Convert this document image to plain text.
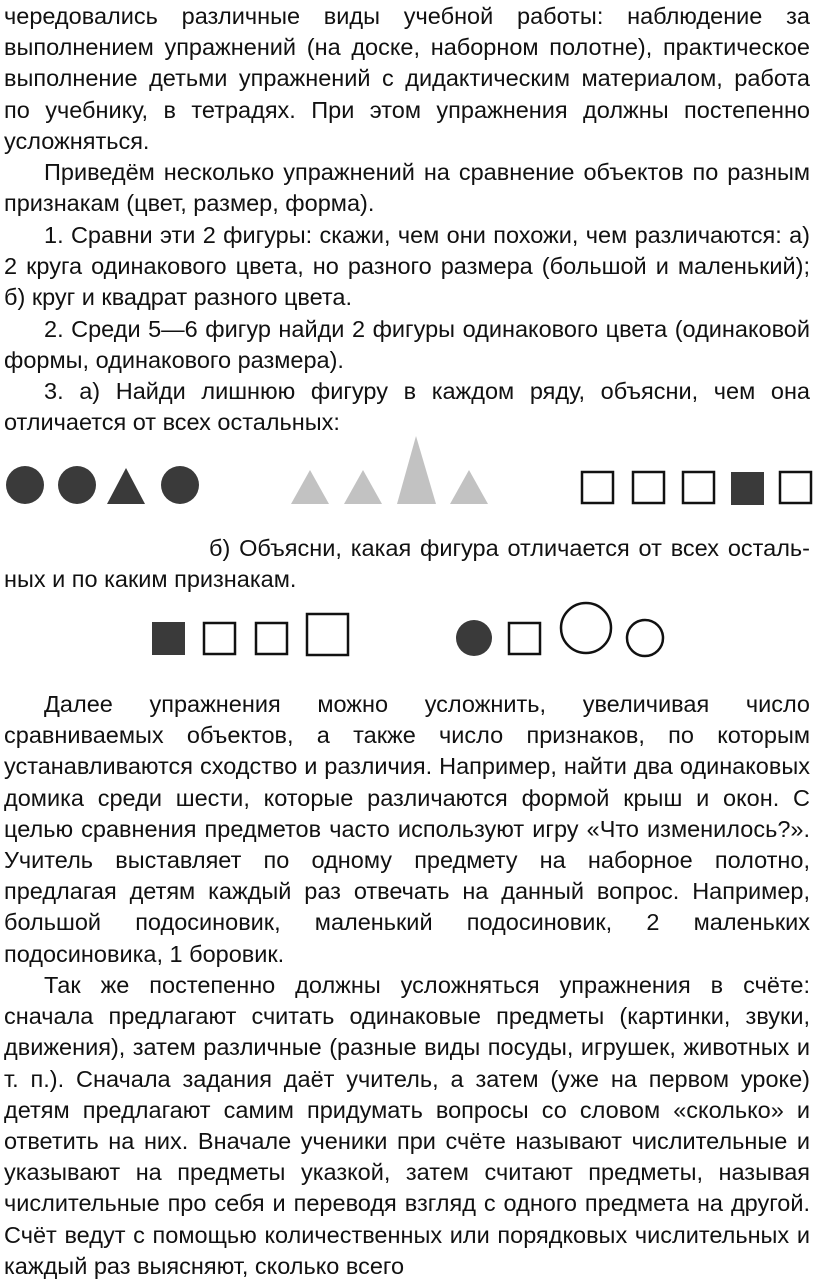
чередовались различные виды учебной работы: наблюдение за выполнением упражнений (на доске, наборном полотне), практическое выполнение детьми упражнений с дидактическим материалом, работа по учебнику, в тетрадях. При этом упражнения должны постепенно усложняться.

Приведём несколько упражнений на сравнение объектов по разным признакам (цвет, размер, форма).

1. Сравни эти 2 фигуры: скажи, чем они похожи, чем различаются: а) 2 круга одинакового цвета, но разного размера (большой и маленький); б) круг и квадрат разного цвета.

2. Среди 5—6 фигур найди 2 фигуры одинакового цвета (одинаковой формы, одинакового размера).

3. а) Найди лишнюю фигуру в каждом ряду, объясни, чем она отличается от всех остальных:

б) Объясни, какая фигура отличается от всех остальных и по каким признакам.

Далее упражнения можно усложнить, увеличивая число сравниваемых объектов, а также число признаков, по которым устанавливаются сходство и различия. Например, найти два одинаковых домика среди шести, которые различаются формой крыш и окон. С целью сравнения предметов часто используют игру «Что изменилось?». Учитель выставляет по одному предмету на наборное полотно, предлагая детям каждый раз отвечать на данный вопрос. Например, большой подосиновик, маленький подосиновик, 2 маленьких подосиновика, 1 боровик.

Так же постепенно должны усложняться упражнения в счёте: сначала предлагают считать одинаковые предметы (картинки, звуки, движения), затем различные (разные виды посуды, игрушек, животных и т. п.). Сначала задания даёт учитель, а затем (уже на первом уроке) детям предлагают самим придумать вопросы со словом «сколько» и ответить на них. Вначале ученики при счёте называют числительные и указывают на предметы указкой, затем считают предметы, называя числительные про себя и переводя взгляд с одного предмета на другой. Счёт ведут с помощью количественных или порядковых числительных и каждый раз выясняют, сколько всего
